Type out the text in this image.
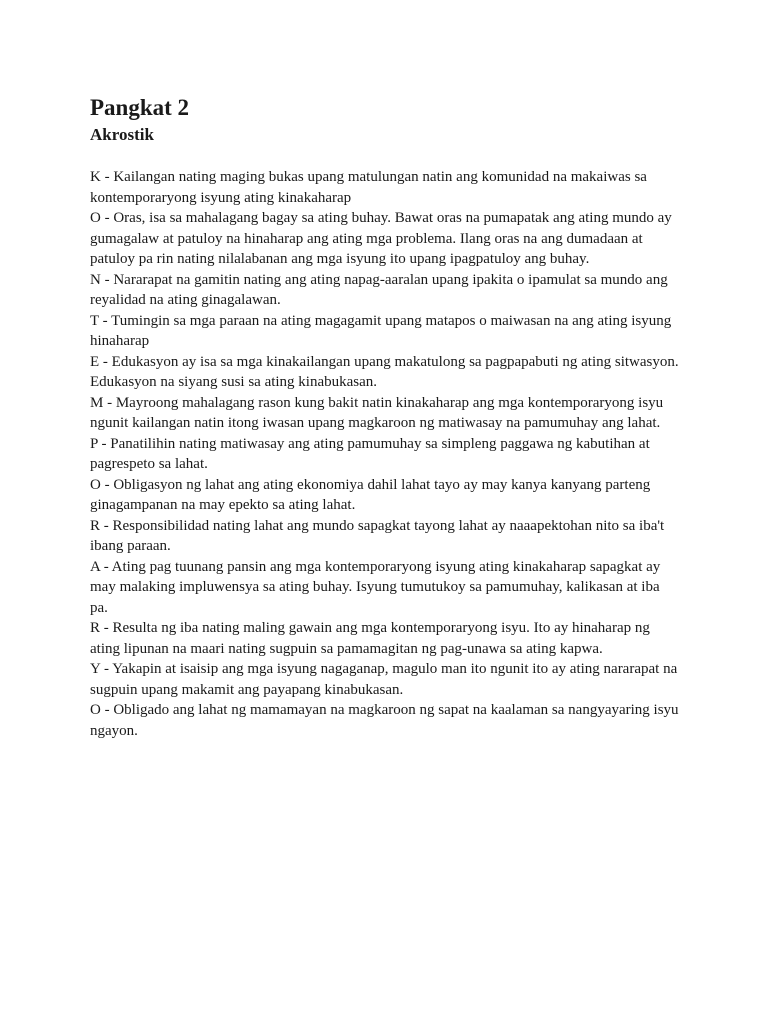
Pangkat 2
Akrostik

K - Kailangan nating maging bukas upang matulungan natin ang komunidad na makaiwas sa kontemporaryong isyung ating kinakaharap

O - Oras, isa sa mahalagang bagay sa ating buhay. Bawat oras na pumapatak ang ating mundo ay gumagalaw at patuloy na hinaharap ang ating mga problema. Ilang oras na ang dumadaan at patuloy pa rin nating nilalabanan ang mga isyung ito upang ipagpatuloy ang buhay.

N - Nararapat na gamitin nating ang ating napag-aaralan upang ipakita o ipamulat sa mundo ang reyalidad na ating ginagalawan.

T - Tumingin sa mga paraan na ating magagamit upang matapos o maiwasan na ang ating isyung hinaharap

E - Edukasyon ay isa sa mga kinakailangan upang makatulong sa pagpapabuti ng ating sitwasyon. Edukasyon na siyang susi sa ating kinabukasan.

M - Mayroong mahalagang rason kung bakit natin kinakaharap ang mga kontemporaryong isyu ngunit kailangan natin itong iwasan upang magkaroon ng matiwasay na pamumuhay ang lahat.

P - Panatilihin nating matiwasay ang ating pamumuhay sa simpleng paggawa ng kabutihan at pagrespeto sa lahat.

O - Obligasyon ng lahat ang ating ekonomiya dahil lahat tayo ay may kanya kanyang parteng ginagampanan na may epekto sa ating lahat.

R - Responsibilidad nating lahat ang mundo sapagkat tayong lahat ay naaapektohan nito sa iba't ibang paraan.

A - Ating pag tuunang pansin ang mga kontemporaryong isyung ating kinakaharap sapagkat ay may malaking impluwensya sa ating buhay. Isyung tumutukoy sa pamumuhay, kalikasan at iba pa.

R - Resulta ng iba nating maling gawain ang mga kontemporaryong isyu. Ito ay hinaharap ng ating lipunan na maari nating sugpuin sa pamamagitan ng pag-unawa sa ating kapwa.

Y - Yakapin at isaisip ang mga isyung nagaganap, magulo man ito ngunit ito ay ating nararapat na sugpuin upang makamit ang payapang kinabukasan.

O - Obligado ang lahat ng mamamayan na magkaroon ng sapat na kaalaman sa nangyayaring isyu ngayon.
